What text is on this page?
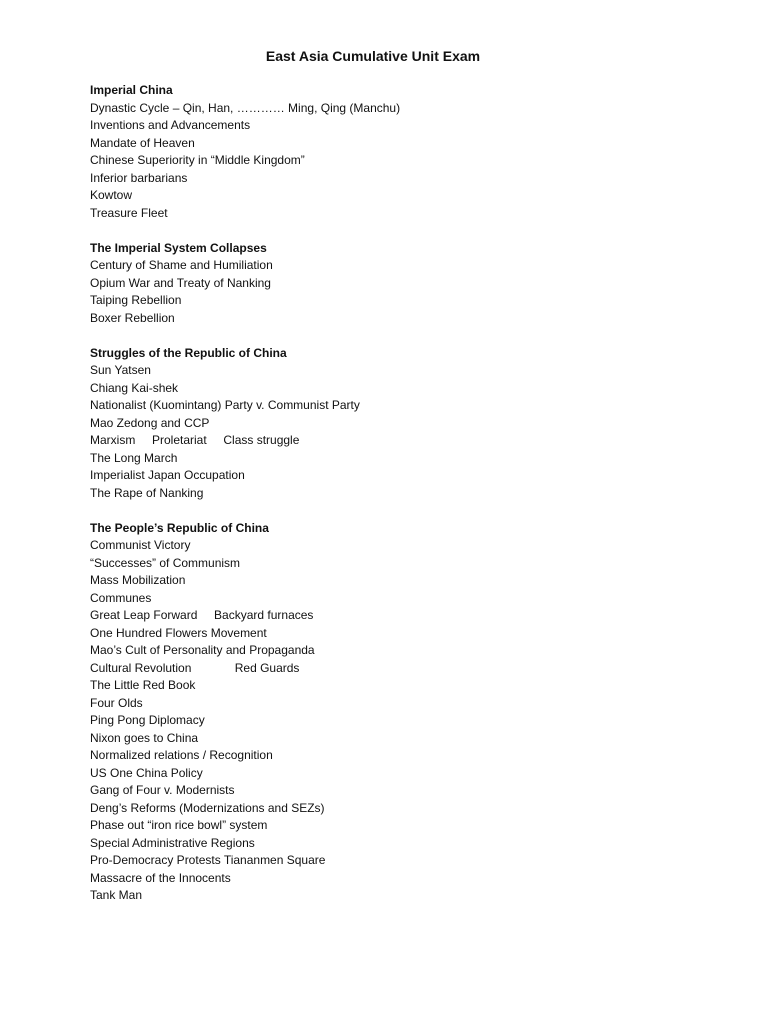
East Asia Cumulative Unit Exam
Imperial China
Dynastic Cycle – Qin, Han, ………… Ming, Qing (Manchu)
Inventions and Advancements
Mandate of Heaven
Chinese Superiority in “Middle Kingdom”
Inferior barbarians
Kowtow
Treasure Fleet
The Imperial System Collapses
Century of Shame and Humiliation
Opium War and Treaty of Nanking
Taiping Rebellion
Boxer Rebellion
Struggles of the Republic of China
Sun Yatsen
Chiang Kai-shek
Nationalist (Kuomintang) Party v. Communist Party
Mao Zedong and CCP
Marxism     Proletariat     Class struggle
The Long March
Imperialist Japan Occupation
The Rape of Nanking
The People’s Republic of China
Communist Victory
“Successes” of Communism
Mass Mobilization
Communes
Great Leap Forward     Backyard furnaces
One Hundred Flowers Movement
Mao’s Cult of Personality and Propaganda
Cultural Revolution             Red Guards
The Little Red Book
Four Olds
Ping Pong Diplomacy
Nixon goes to China
Normalized relations / Recognition
US One China Policy
Gang of Four v. Modernists
Deng’s Reforms (Modernizations and SEZs)
Phase out “iron rice bowl” system
Special Administrative Regions
Pro-Democracy Protests Tiananmen Square
Massacre of the Innocents
Tank Man
